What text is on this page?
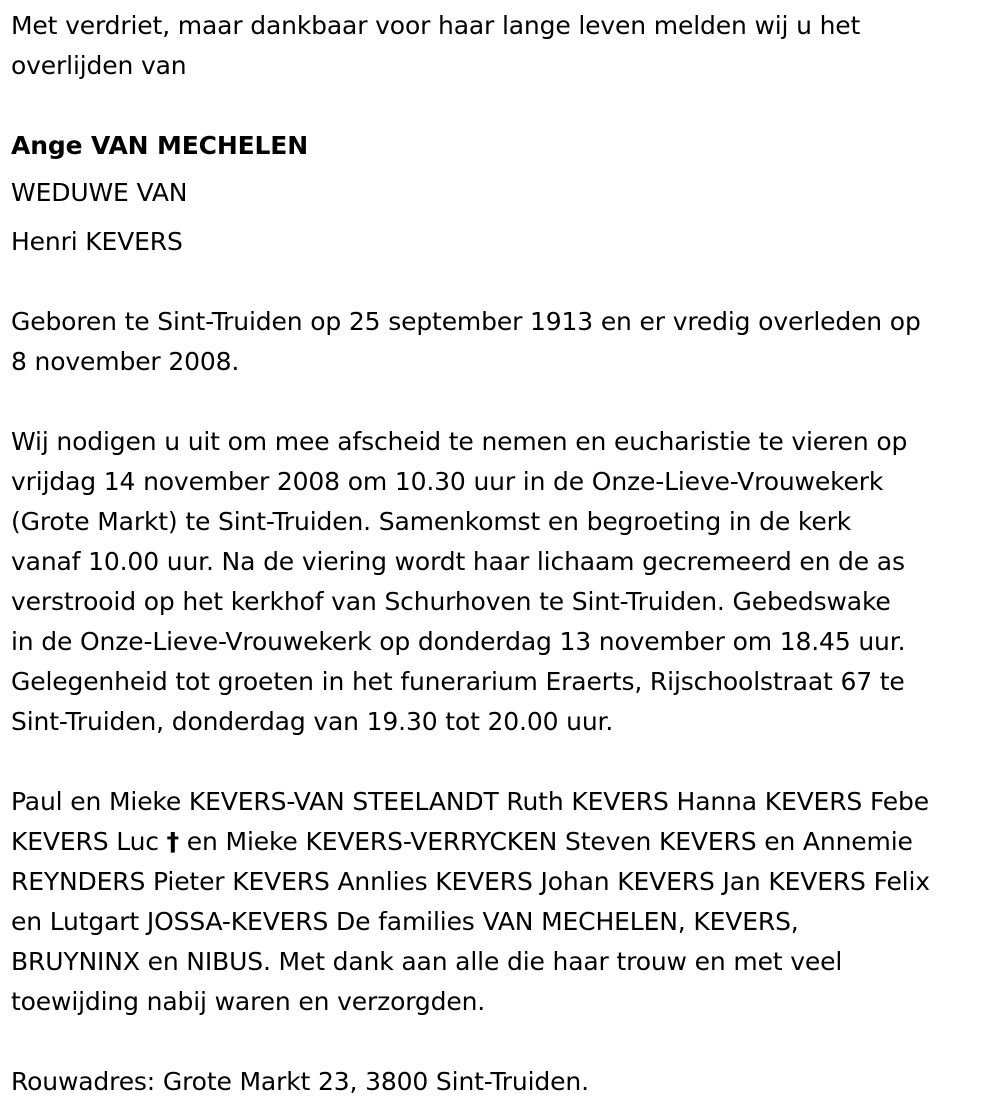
Met verdriet, maar dankbaar voor haar lange leven melden wij u het
overlijden van
Ange VAN MECHELEN
WEDUWE VAN
Henri KEVERS
Geboren te Sint-Truiden op 25 september 1913 en er vredig overleden op
8 november 2008.
Wij nodigen u uit om mee afscheid te nemen en eucharistie te vieren op
vrijdag 14 november 2008 om 10.30 uur in de Onze-Lieve-Vrouwekerk
(Grote Markt) te Sint-Truiden. Samenkomst en begroeting in de kerk
vanaf 10.00 uur. Na de viering wordt haar lichaam gecremeerd en de as
verstrooid op het kerkhof van Schurhoven te Sint-Truiden. Gebedswake
in de Onze-Lieve-Vrouwekerk op donderdag 13 november om 18.45 uur.
Gelegenheid tot groeten in het funerarium Eraerts, Rijschoolstraat 67 te
Sint-Truiden, donderdag van 19.30 tot 20.00 uur.
Paul en Mieke KEVERS-VAN STEELANDT Ruth KEVERS Hanna KEVERS Febe
KEVERS Luc † en Mieke KEVERS-VERRYCKEN Steven KEVERS en Annemie
REYNDERS Pieter KEVERS Annlies KEVERS Johan KEVERS Jan KEVERS Felix
en Lutgart JOSSA-KEVERS De families VAN MECHELEN, KEVERS,
BRUYNINX en NIBUS. Met dank aan alle die haar trouw en met veel
toewijding nabij waren en verzorgden.
Rouwadres: Grote Markt 23, 3800 Sint-Truiden.
